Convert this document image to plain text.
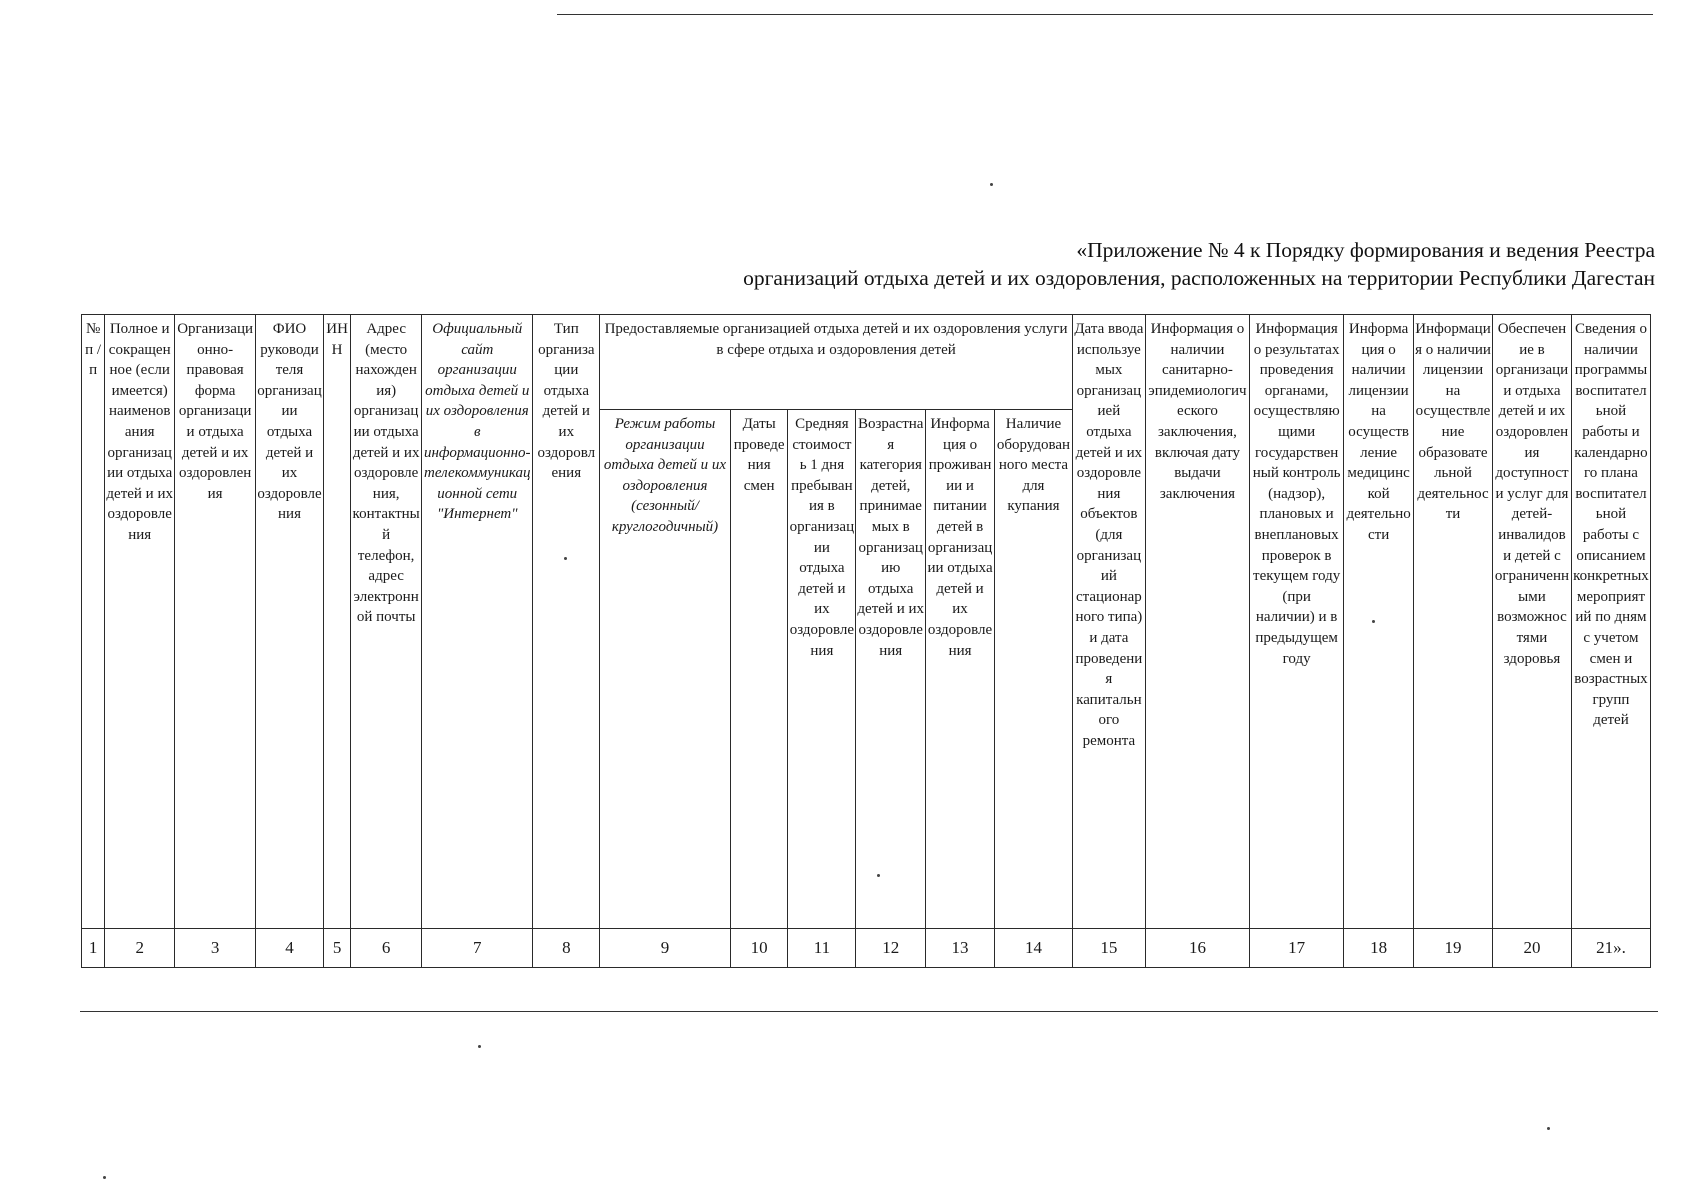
«Приложение № 4 к Порядку формирования и ведения Реестра
организаций отдыха детей и их оздоровления, расположенных на территории Республики Дагестан
№ п / п	Полное и сокращенное (если имеется) наименования организации отдыха детей и их оздоровления	Организационно-правовая форма организации отдыха детей и их оздоровления	ФИО руководителя организации отдыха детей и их оздоровления	ИНН	Адрес (место нахождения) организации отдыха детей и их оздоровления, контактный телефон, адрес электронной почты	Официальный сайт организации отдыха детей и их оздоровления в информационно-телекоммуникационной сети "Интернет"	Тип организации отдыха детей и их оздоровления	Предоставляемые организацией отдыха детей и их оздоровления услуги в сфере отдыха и оздоровления детей						Дата ввода используемых организацией отдыха детей и их оздоровления объектов (для организаций стационарного типа) и дата проведения капитального ремонта	Информация о наличии санитарно-эпидемиологического заключения, включая дату выдачи заключения	Информация о результатах проведения органами, осуществляющими государственный контроль (надзор), плановых и внеплановых проверок в текущем году (при наличии) и в предыдущем году	Информация о наличии лицензии на осуществление медицинской деятельности	Информация о наличии лицензии на осуществление образовательной деятельности	Обеспечение в организации отдыха детей и их оздоровления доступности услуг для детей-инвалидов и детей с ограниченными возможностями здоровья	Сведения о наличии программы воспитательной работы и календарного плана воспитательной работы с описанием конкретных мероприятий по дням с учетом смен и возрастных групп детей
								Режим работы организации отдыха детей и их оздоровления (сезонный/круглогодичный)	Даты проведения смен	Средняя стоимость 1 дня пребывания в организации отдыха детей и их оздоровления	Возрастная категория детей, принимаемых в организацию отдыха детей и их оздоровления	Информация о проживании и питании детей в организации отдыха детей и их оздоровления	Наличие оборудованного места для купания							
1	2	3	4	5	6	7	8	9	10	11	12	13	14	15	16	17	18	19	20	21».
